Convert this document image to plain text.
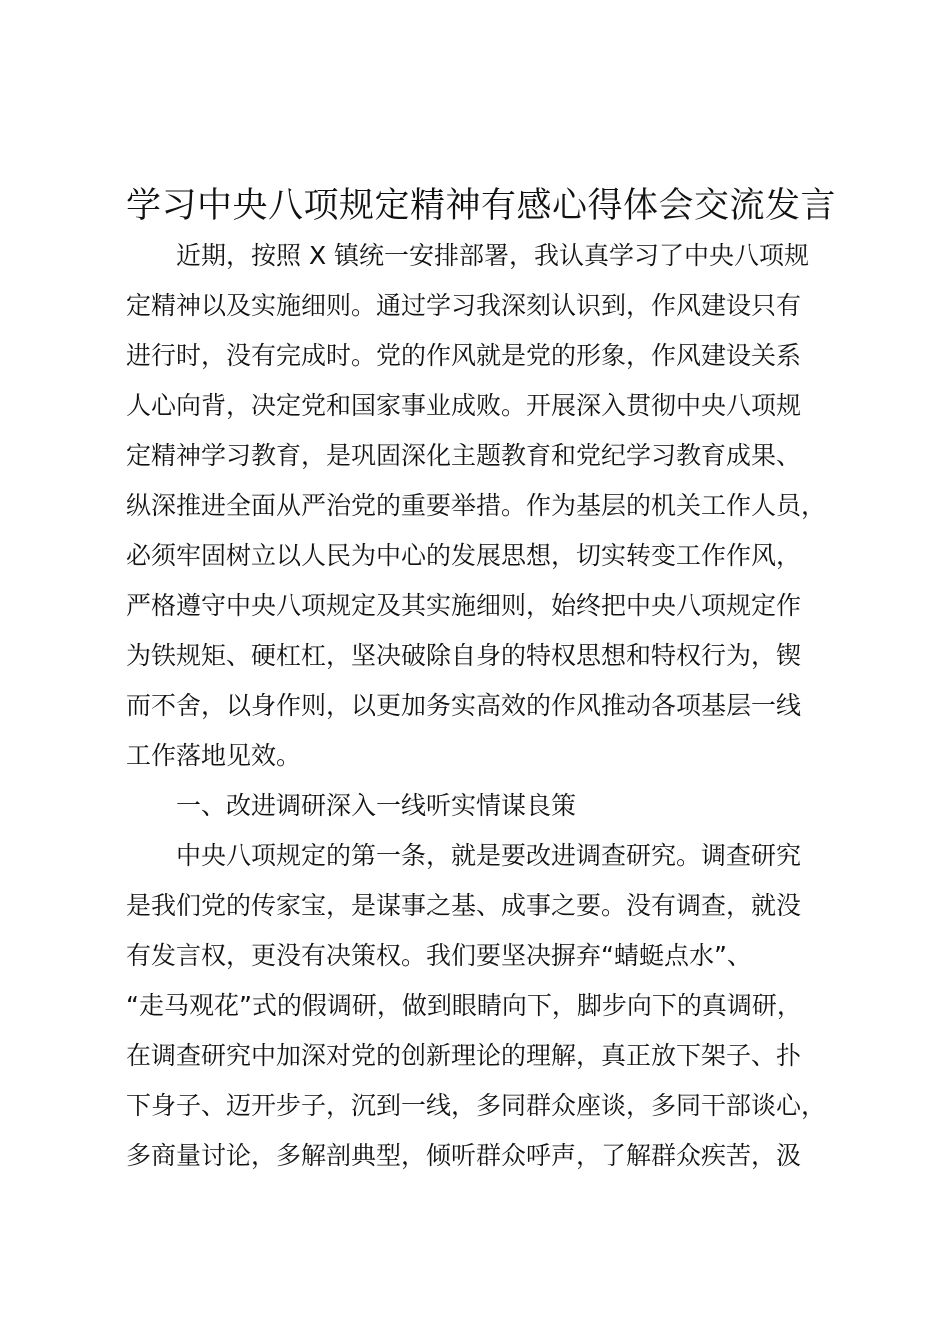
学习中央八项规定精神有感心得体会交流发言
　　近期，按照 X 镇统一安排部署，我认真学习了中央八项规
定精神以及实施细则。通过学习我深刻认识到，作风建设只有
进行时，没有完成时。党的作风就是党的形象，作风建设关系
人心向背，决定党和国家事业成败。开展深入贯彻中央八项规
定精神学习教育，是巩固深化主题教育和党纪学习教育成果、
纵深推进全面从严治党的重要举措。作为基层的机关工作人员，
必须牢固树立以人民为中心的发展思想，切实转变工作作风，
严格遵守中央八项规定及其实施细则，始终把中央八项规定作
为铁规矩、硬杠杠，坚决破除自身的特权思想和特权行为，锲
而不舍，以身作则，以更加务实高效的作风推动各项基层一线
工作落地见效。
　　一、改进调研深入一线听实情谋良策
　　中央八项规定的第一条，就是要改进调查研究。调查研究
是我们党的传家宝，是谋事之基、成事之要。没有调查，就没
有发言权，更没有决策权。我们要坚决摒弃“蜻蜓点水”、
“走马观花”式的假调研，做到眼睛向下，脚步向下的真调研，
在调查研究中加深对党的创新理论的理解，真正放下架子、扑
下身子、迈开步子，沉到一线，多同群众座谈，多同干部谈心，
多商量讨论，多解剖典型，倾听群众呼声，了解群众疾苦，汲
